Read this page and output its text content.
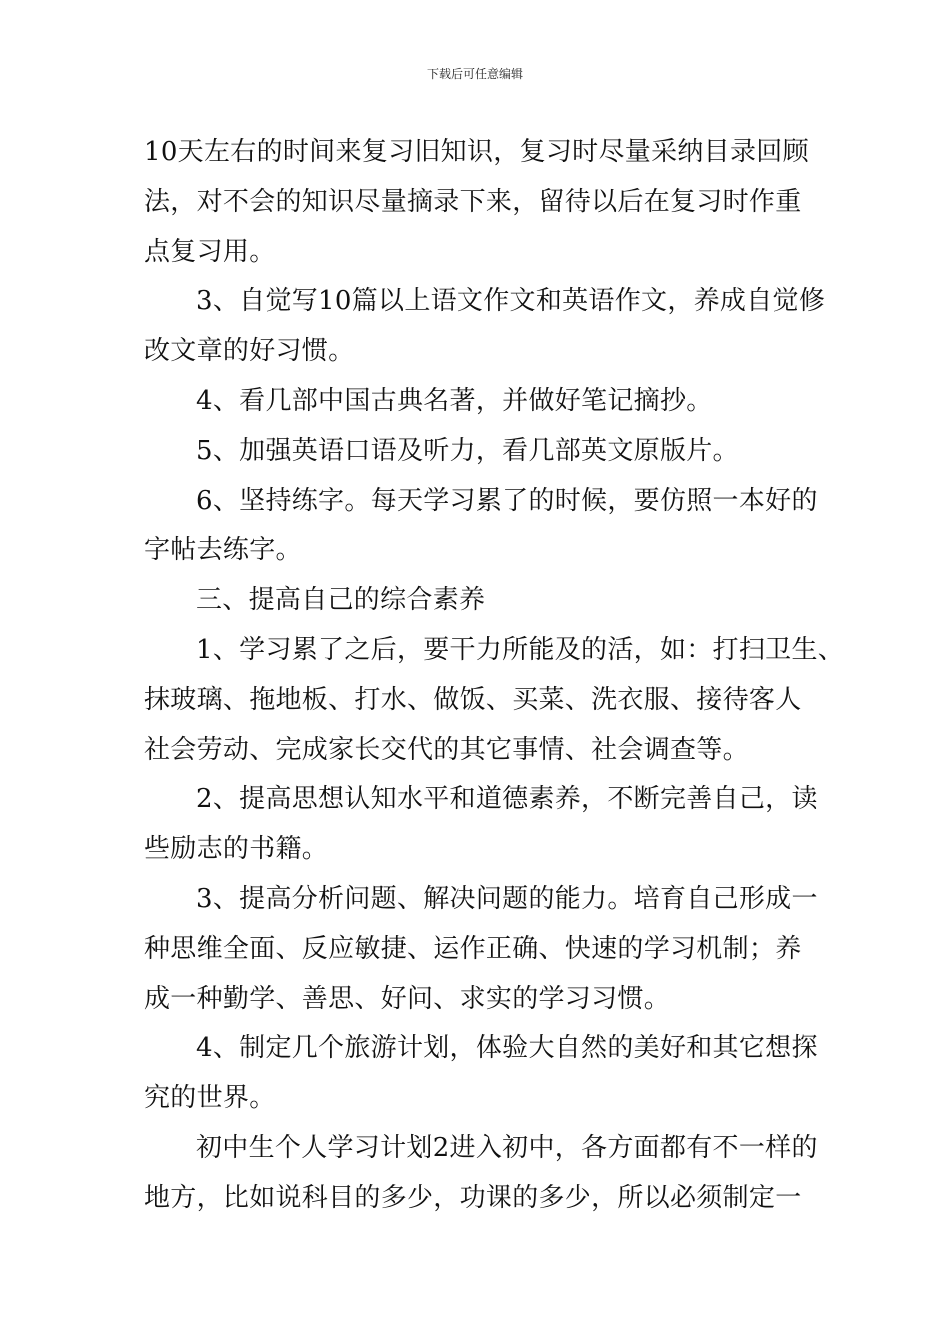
下载后可任意编辑
10天左右的时间来复习旧知识，复习时尽量采纳目录回顾
法，对不会的知识尽量摘录下来，留待以后在复习时作重
点复习用。
3、自觉写10篇以上语文作文和英语作文，养成自觉修
改文章的好习惯。
4、看几部中国古典名著，并做好笔记摘抄。
5、加强英语口语及听力，看几部英文原版片。
6、坚持练字。每天学习累了的时候，要仿照一本好的
字帖去练字。
三、提高自己的综合素养
1、学习累了之后，要干力所能及的活，如：打扫卫生、
抹玻璃、拖地板、打水、做饭、买菜、洗衣服、接待客人
社会劳动、完成家长交代的其它事情、社会调查等。
2、提高思想认知水平和道德素养，不断完善自己，读
些励志的书籍。
3、提高分析问题、解决问题的能力。培育自己形成一
种思维全面、反应敏捷、运作正确、快速的学习机制；养
成一种勤学、善思、好问、求实的学习习惯。
4、制定几个旅游计划，体验大自然的美好和其它想探
究的世界。
初中生个人学习计划2进入初中，各方面都有不一样的
地方，比如说科目的多少，功课的多少，所以必须制定一
